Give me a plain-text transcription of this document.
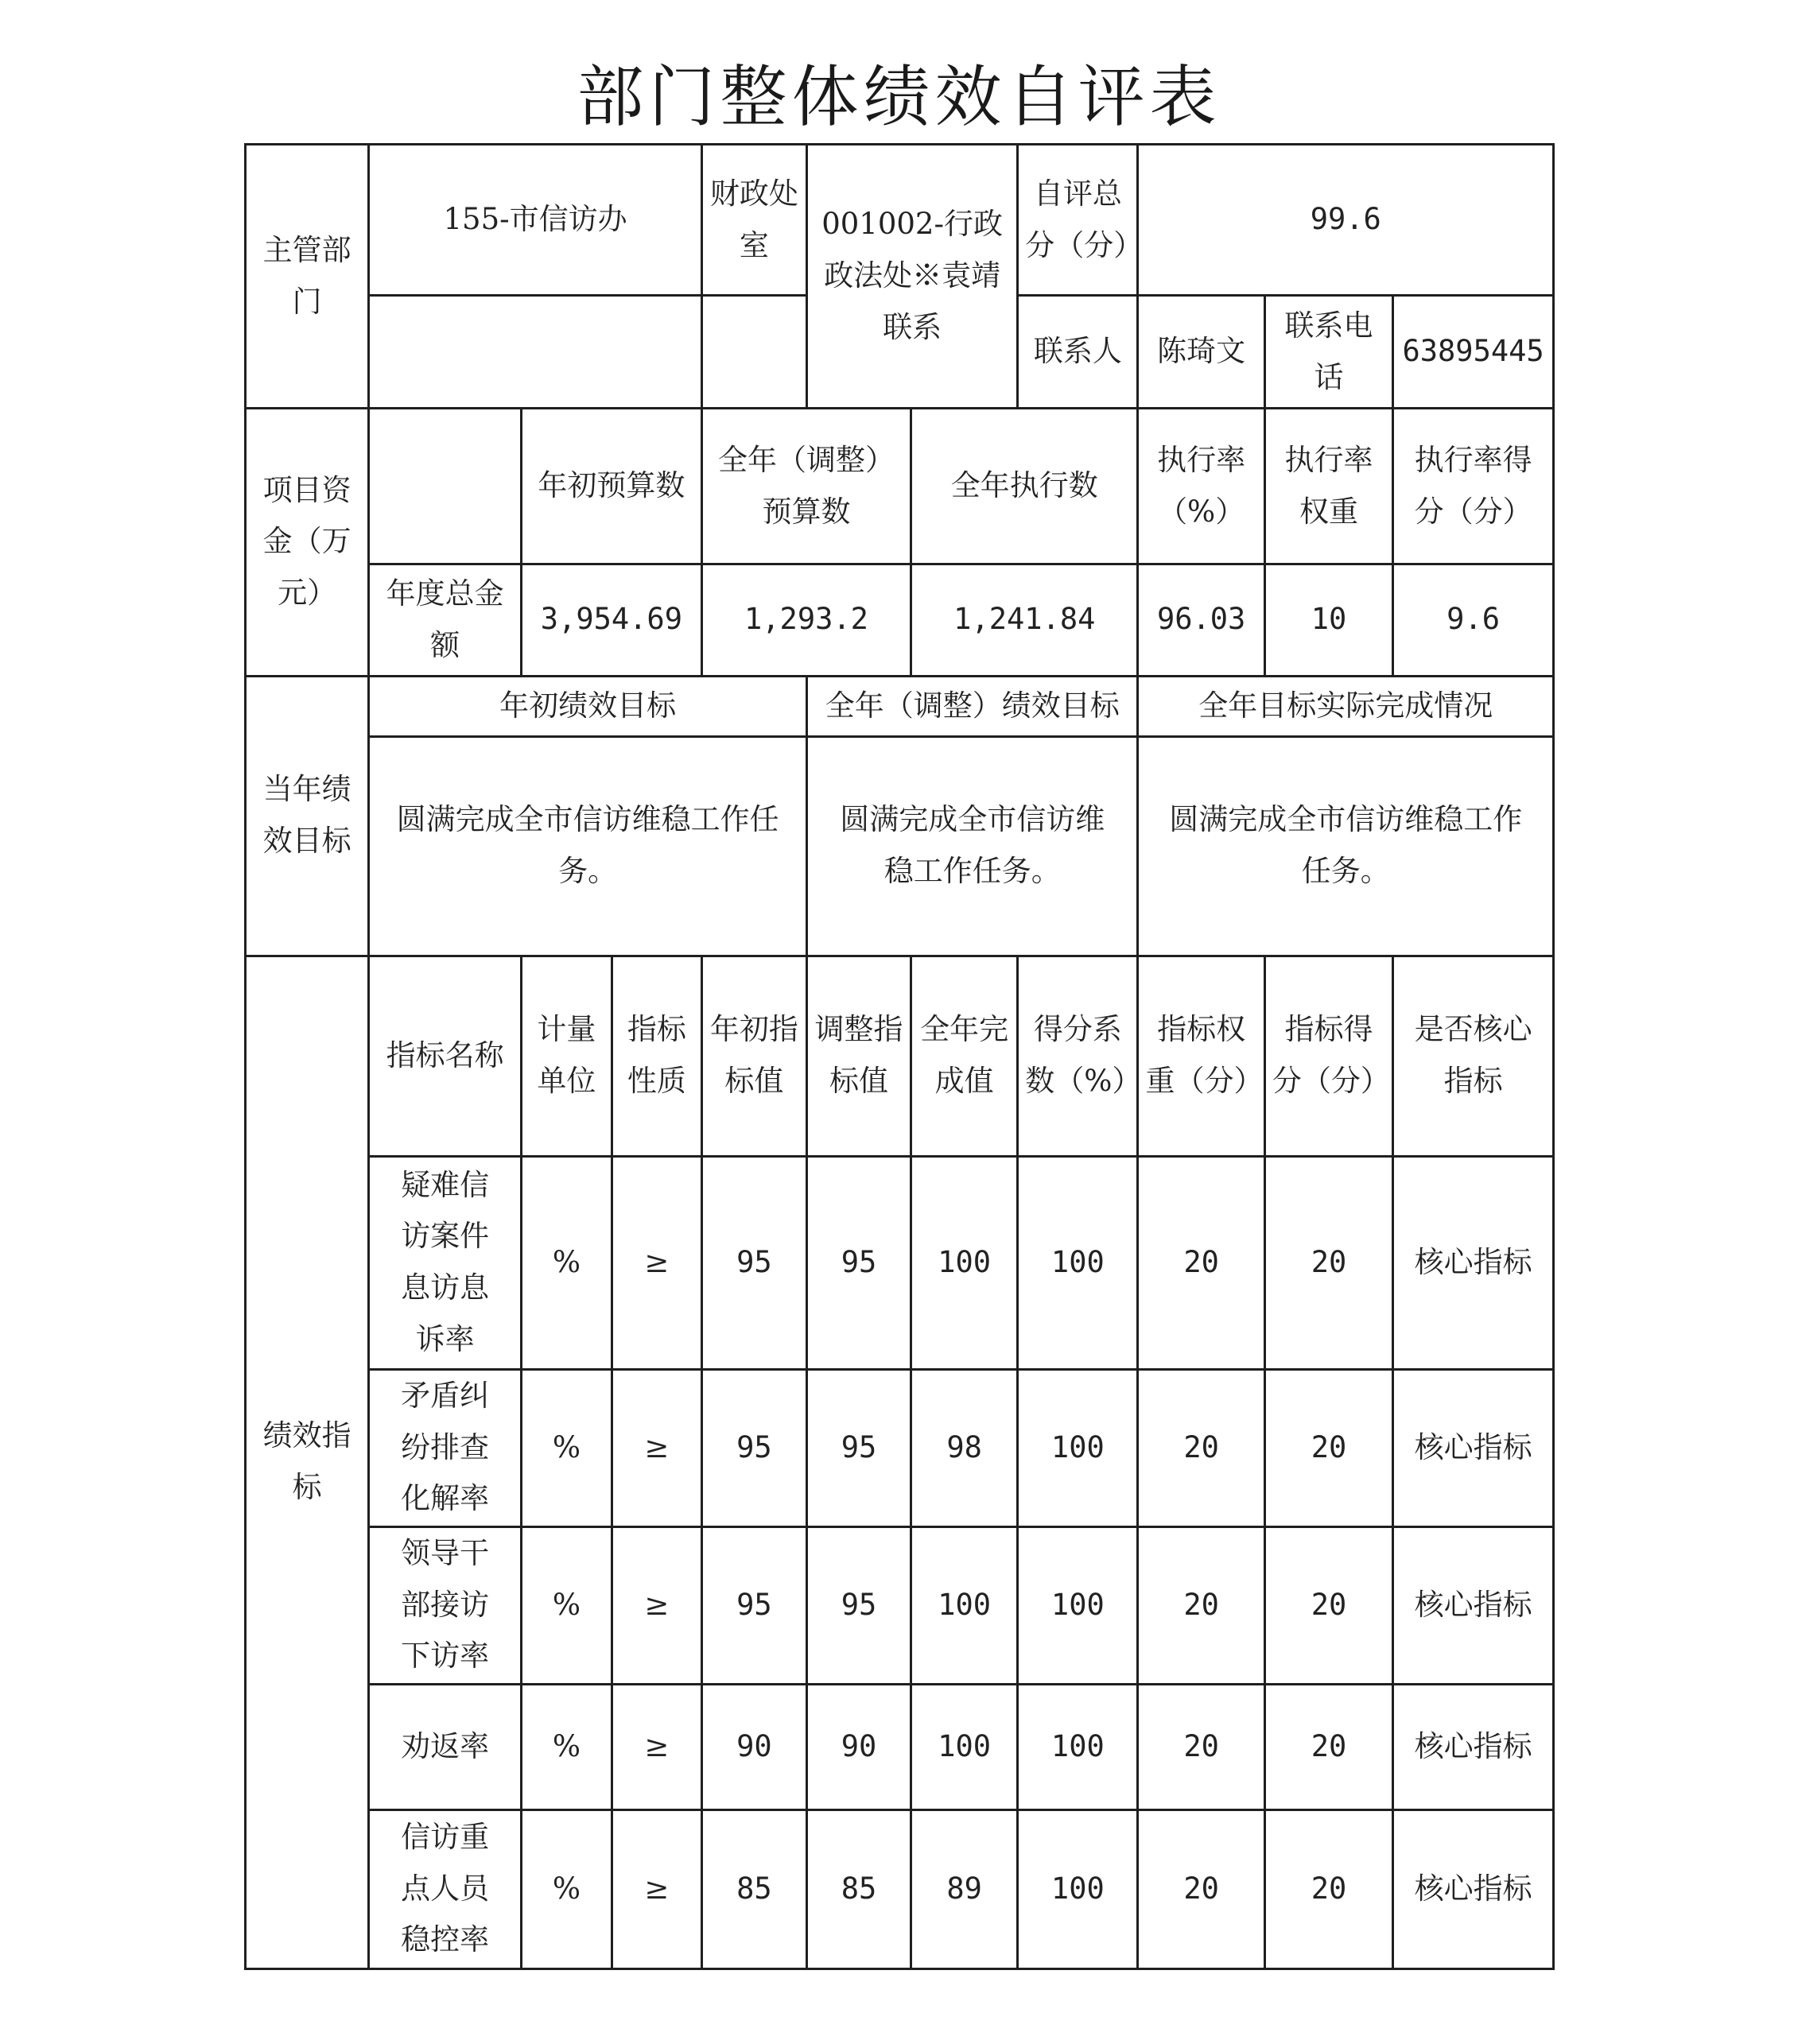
部门整体绩效自评表
主管部门	155-市信访办			财政处室	001002-行政政法处※袁靖联系		自评总分（分）	99.6		
							联系人	陈琦文	联系电话	63895445
项目资金（万元）		年初预算数		全年（调整）预算数		全年执行数		执行率（%）	执行率权重	执行率得分（分）
	年度总金额	3,954.69		1,293.2		1,241.84		96.03	10	9.6
当年绩效目标	年初绩效目标				全年（调整）绩效目标			全年目标实际完成情况		
	圆满完成全市信访维稳工作任务。				圆满完成全市信访维稳工作任务。			圆满完成全市信访维稳工作任务。		
绩效指标	指标名称	计量单位	指标性质	年初指标值	调整指标值	全年完成值	得分系数（%）	指标权重（分）	指标得分（分）	是否核心指标
	疑难信访案件息访息诉率	%	≥	95	95	100	100	20	20	核心指标
	矛盾纠纷排查化解率	%	≥	95	95	98	100	20	20	核心指标
	领导干部接访下访率	%	≥	95	95	100	100	20	20	核心指标
	劝返率	%	≥	90	90	100	100	20	20	核心指标
	信访重点人员稳控率	%	≥	85	85	89	100	20	20	核心指标
